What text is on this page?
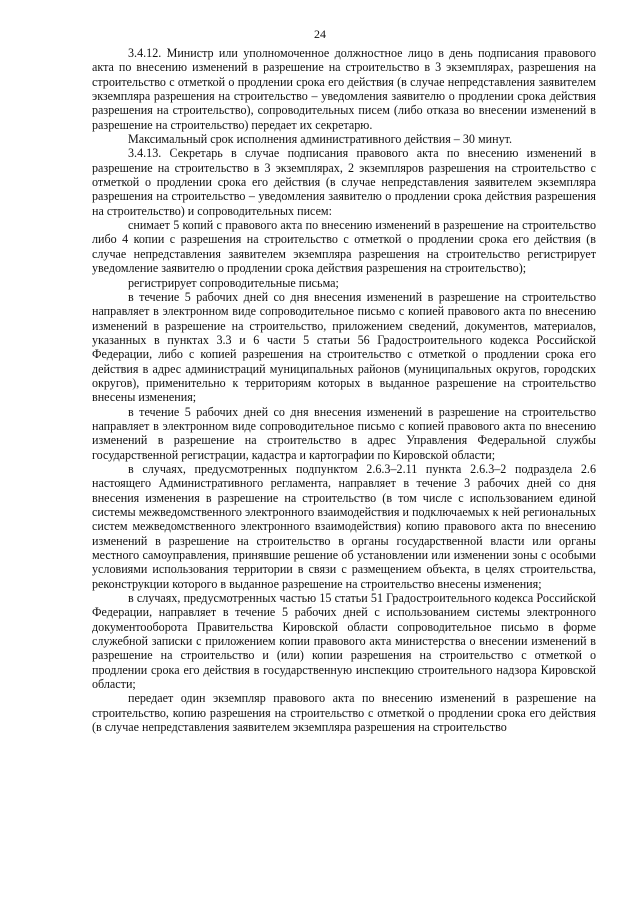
24

3.4.12. Министр или уполномоченное должностное лицо в день подписания правового акта по внесению изменений в разрешение на строительство в 3 экземплярах, разрешения на строительство с отметкой о продлении срока его действия (в случае непредставления заявителем экземпляра разрешения на строительство – уведомления заявителю о продлении срока действия разрешения на строительство), сопроводительных писем (либо отказа во внесении изменений в разрешение на строительство) передает их секретарю.

Максимальный срок исполнения административного действия – 30 минут.

3.4.13. Секретарь в случае подписания правового акта по внесению изменений в разрешение на строительство в 3 экземплярах, 2 экземпляров разрешения на строительство с отметкой о продлении срока его действия (в случае непредставления заявителем экземпляра разрешения на строительство – уведомления заявителю о продлении срока действия разрешения на строительство) и сопроводительных писем:

снимает 5 копий с правового акта по внесению изменений в разрешение на строительство либо 4 копии с разрешения на строительство с отметкой о продлении срока его действия (в случае непредставления заявителем экземпляра разрешения на строительство регистрирует уведомление заявителю о продлении срока действия разрешения на строительство);

регистрирует сопроводительные письма;

в течение 5 рабочих дней со дня внесения изменений в разрешение на строительство направляет в электронном виде сопроводительное письмо с копией правового акта по внесению изменений в разрешение на строительство, приложением сведений, документов, материалов, указанных в пунктах 3.3 и 6 части 5 статьи 56 Градостроительного кодекса Российской Федерации, либо с копией разрешения на строительство с отметкой о продлении срока его действия в адрес администраций муниципальных районов (муниципальных округов, городских округов), применительно к территориям которых в выданное разрешение на строительство внесены изменения;

в течение 5 рабочих дней со дня внесения изменений в разрешение на строительство направляет в электронном виде сопроводительное письмо с копией правового акта по внесению изменений в разрешение на строительство в адрес Управления Федеральной службы государственной регистрации, кадастра и картографии по Кировской области;

в случаях, предусмотренных подпунктом 2.6.3–2.11 пункта 2.6.3–2 подраздела 2.6 настоящего Административного регламента, направляет в течение 3 рабочих дней со дня внесения изменения в разрешение на строительство (в том числе с использованием единой системы межведомственного электронного взаимодействия и подключаемых к ней региональных систем межведомственного электронного взаимодействия) копию правового акта по внесению изменений в разрешение на строительство в органы государственной власти или органы местного самоуправления, принявшие решение об установлении или изменении зоны с особыми условиями использования территории в связи с размещением объекта, в целях строительства, реконструкции которого в выданное разрешение на строительство внесены изменения;

в случаях, предусмотренных частью 15 статьи 51 Градостроительного кодекса Российской Федерации, направляет в течение 5 рабочих дней с использованием системы электронного документооборота Правительства Кировской области сопроводительное письмо в форме служебной записки с приложением копии правового акта министерства о внесении изменений в разрешение на строительство и (или) копии разрешения на строительство с отметкой о продлении срока его действия в государственную инспекцию строительного надзора Кировской области;

передает один экземпляр правового акта по внесению изменений в разрешение на строительство, копию разрешения на строительство с отметкой о продлении срока его действия (в случае непредставления заявителем экземпляра разрешения на строительство
